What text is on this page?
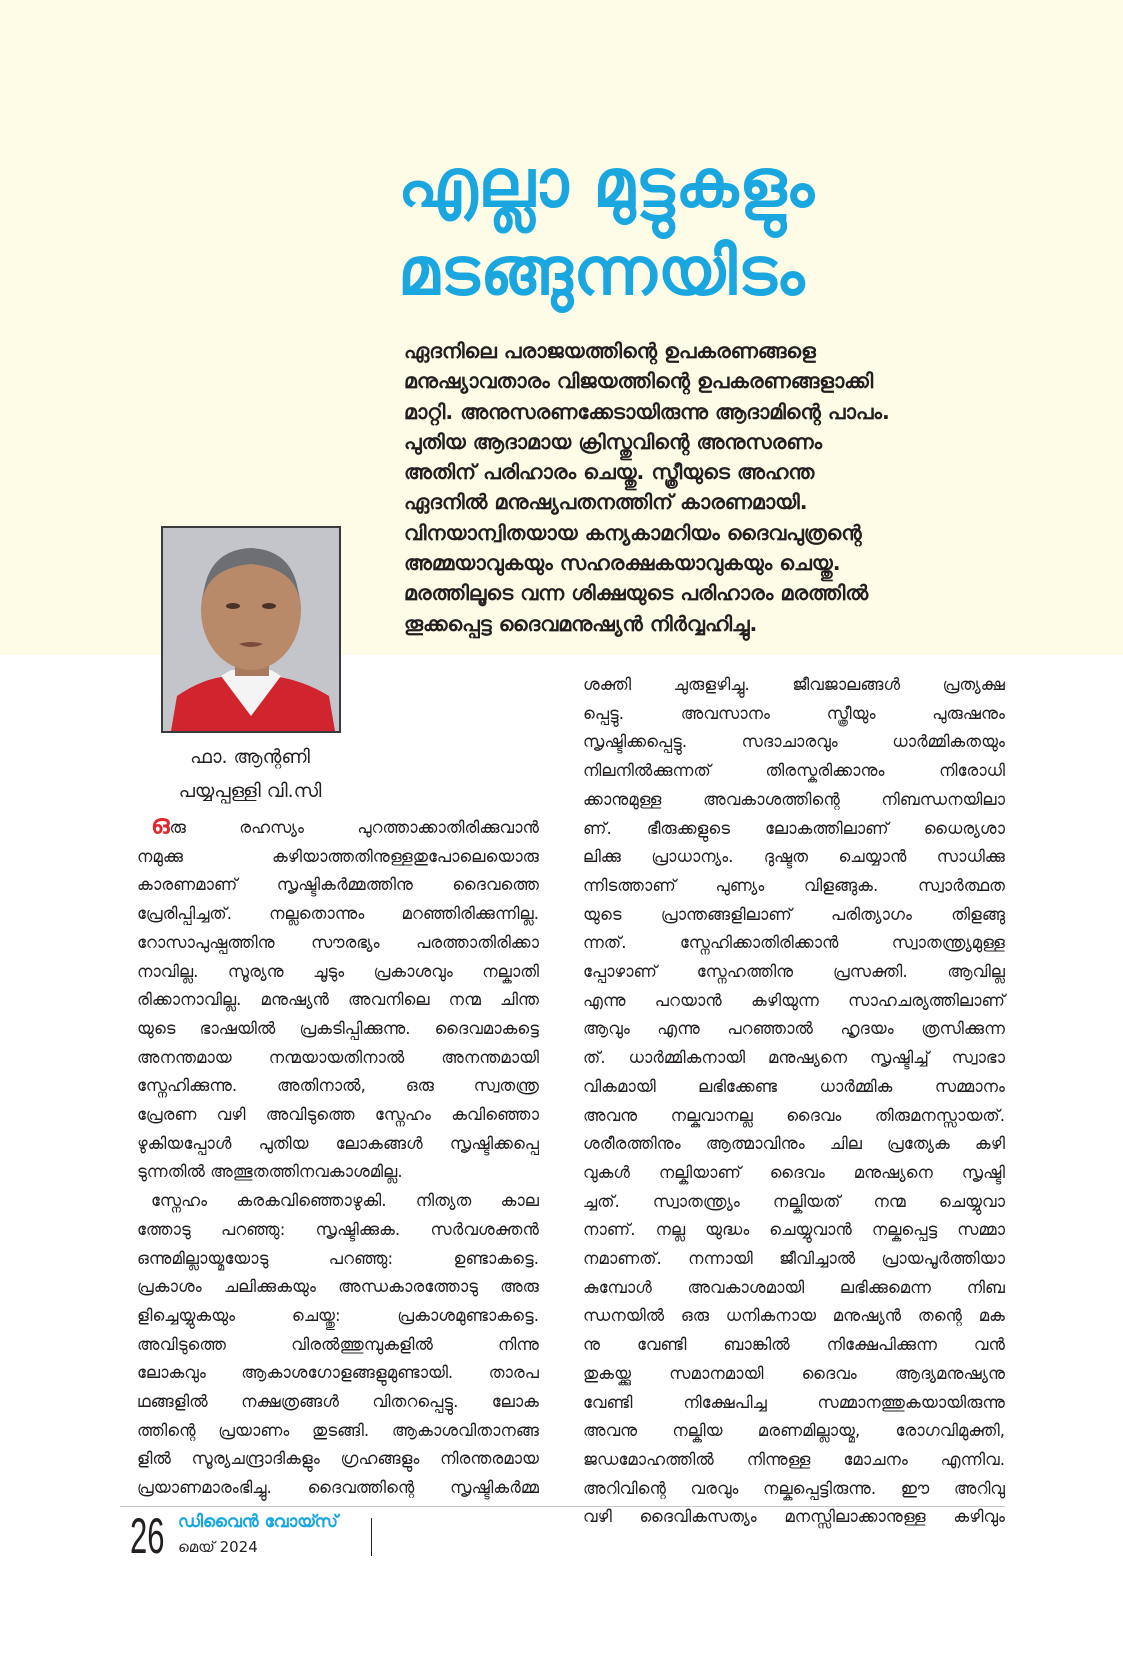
എല്ലാ മുട്ടുകളും
മടങ്ങുന്നയിടം
ഏദനിലെ പരാജയത്തിന്റെ ഉപകരണങ്ങളെ
മനുഷ്യാവതാരം വിജയത്തിന്റെ ഉപകരണങ്ങളാക്കി
മാറ്റി. അനുസരണക്കേടായിരുന്നു ആദാമിന്റെ പാപം.
പുതിയ ആദാമായ ക്രിസ്തുവിന്റെ അനുസരണം
അതിന് പരിഹാരം ചെയ്തു. സ്ത്രീയുടെ അഹന്ത
ഏദനിൽ മനുഷ്യപതനത്തിന് കാരണമായി.
വിനയാന്വിതയായ കന്യകാമറിയം ദൈവപുത്രന്റെ
അമ്മയാവുകയും സഹരക്ഷകയാവുകയും ചെയ്തു.
മരത്തിലൂടെ വന്ന ശിക്ഷയുടെ പരിഹാരം മരത്തിൽ
തൂക്കപ്പെട്ട ദൈവമനുഷ്യൻ നിർവ്വഹിച്ചു.
ഫാ. ആന്റണി
പയ്യപ്പള്ളി വി.സി
ഒരു രഹസ്യം പുറത്താക്കാതിരിക്കുവാൻ
നമുക്കു കഴിയാത്തതിനുള്ളതുപോലെയൊരു
കാരണമാണ് സൃഷ്ടികർമ്മത്തിനു ദൈവത്തെ
പ്രേരിപ്പിച്ചത്. നല്ലതൊന്നും മറഞ്ഞിരിക്കുന്നില്ല.
റോസാപുഷ്പത്തിനു സൗരഭ്യം പരത്താതിരിക്കാ
നാവില്ല. സൂര്യനു ചൂടും പ്രകാശവും നല്കാതി
രിക്കാനാവില്ല. മനുഷ്യൻ അവനിലെ നന്മ ചിന്ത
യുടെ ഭാഷയിൽ പ്രകടിപ്പിക്കുന്നു. ദൈവമാകട്ടെ
അനന്തമായ നന്മയായതിനാൽ അനന്തമായി
സ്നേഹിക്കുന്നു. അതിനാൽ, ഒരു സ്വതന്ത്ര
പ്രേരണ വഴി അവിടുത്തെ സ്നേഹം കവിഞ്ഞൊ
ഴുകിയപ്പോൾ പുതിയ ലോകങ്ങൾ സൃഷ്ടിക്കപ്പെ
ടുന്നതിൽ അത്ഭുതത്തിനവകാശമില്ല.
സ്നേഹം കരകവിഞ്ഞൊഴുകി. നിത്യത കാല
ത്തോടു പറഞ്ഞു: സൃഷ്ടിക്കുക. സർവശക്തൻ
ഒന്നുമില്ലായ്മയോടു പറഞ്ഞു: ഉണ്ടാകട്ടെ.
പ്രകാശം ചലിക്കുകയും അന്ധകാരത്തോടു അരു
ളിച്ചെയ്യുകയും ചെയ്തു: പ്രകാശമുണ്ടാകട്ടെ.
അവിടുത്തെ വിരൽത്തുമ്പുകളിൽ നിന്നു
ലോകവും ആകാശഗോളങ്ങളുമുണ്ടായി. താരപ
ഥങ്ങളിൽ നക്ഷത്രങ്ങൾ വിതറപ്പെട്ടു. ലോക
ത്തിന്റെ പ്രയാണം തുടങ്ങി. ആകാശവിതാനങ്ങ
ളിൽ സൂര്യചന്ദ്രാദികളും ഗ്രഹങ്ങളും നിരന്തരമായ
പ്രയാണമാരംഭിച്ചു. ദൈവത്തിന്റെ സൃഷ്ടികർമ്മ
ശക്തി ചുരുളഴിച്ചു. ജീവജാലങ്ങൾ പ്രത്യക്ഷ
പ്പെട്ടു. അവസാനം സ്ത്രീയും പുരുഷനും
സൃഷ്ടിക്കപ്പെട്ടു. സദാചാരവും ധാർമ്മികതയും
നിലനിൽക്കുന്നത് തിരസ്കരിക്കാനും നിരോധി
ക്കാനുമുള്ള അവകാശത്തിന്റെ നിബന്ധനയിലാ
ണ്. ഭീരുക്കളുടെ ലോകത്തിലാണ് ധൈര്യശാ
ലിക്കു പ്രാധാന്യം. ദുഷ്ടത ചെയ്യാൻ സാധിക്കു
ന്നിടത്താണ് പുണ്യം വിളങ്ങുക. സ്വാർത്ഥത
യുടെ പ്രാന്തങ്ങളിലാണ് പരിത്യാഗം തിളങ്ങു
ന്നത്. സ്നേഹിക്കാതിരിക്കാൻ സ്വാതന്ത്ര്യമുള്ള
പ്പോഴാണ് സ്നേഹത്തിനു പ്രസക്തി. ആവില്ല
എന്നു പറയാൻ കഴിയുന്ന സാഹചര്യത്തിലാണ്
ആവും എന്നു പറഞ്ഞാൽ ഹൃദയം ത്രസിക്കുന്ന
ത്. ധാർമ്മികനായി മനുഷ്യനെ സൃഷ്ടിച്ച് സ്വാഭാ
വികമായി ലഭിക്കേണ്ട ധാർമ്മിക സമ്മാനം
അവനു നല്കുവാനല്ല ദൈവം തിരുമനസ്സായത്.
ശരീരത്തിനും ആത്മാവിനും ചില പ്രത്യേക കഴി
വുകൾ നല്കിയാണ് ദൈവം മനുഷ്യനെ സൃഷ്ടി
ച്ചത്. സ്വാതന്ത്ര്യം നല്കിയത് നന്മ ചെയ്യുവാ
നാണ്. നല്ല യുദ്ധം ചെയ്യുവാൻ നല്കപ്പെട്ട സമ്മാ
നമാണത്. നന്നായി ജീവിച്ചാൽ പ്രായപൂർത്തിയാ
കുമ്പോൾ അവകാശമായി ലഭിക്കുമെന്ന നിബ
ന്ധനയിൽ ഒരു ധനികനായ മനുഷ്യൻ തന്റെ മക
നു വേണ്ടി ബാങ്കിൽ നിക്ഷേപിക്കുന്ന വൻ
തുകയ്ക്കു സമാനമായി ദൈവം ആദ്യമനുഷ്യനു
വേണ്ടി നിക്ഷേപിച്ച സമ്മാനത്തുകയായിരുന്നു
അവനു നല്കിയ മരണമില്ലായ്മ, രോഗവിമുക്തി,
ജഡമോഹത്തിൽ നിന്നുള്ള മോചനം എന്നിവ.
അറിവിന്റെ വരവും നല്കപ്പെട്ടിരുന്നു. ഈ അറിവു
വഴി ദൈവികസത്യം മനസ്സിലാക്കാനുള്ള കഴിവും
26 ഡിവൈൻ വോയ്സ്
മെയ് 2024
